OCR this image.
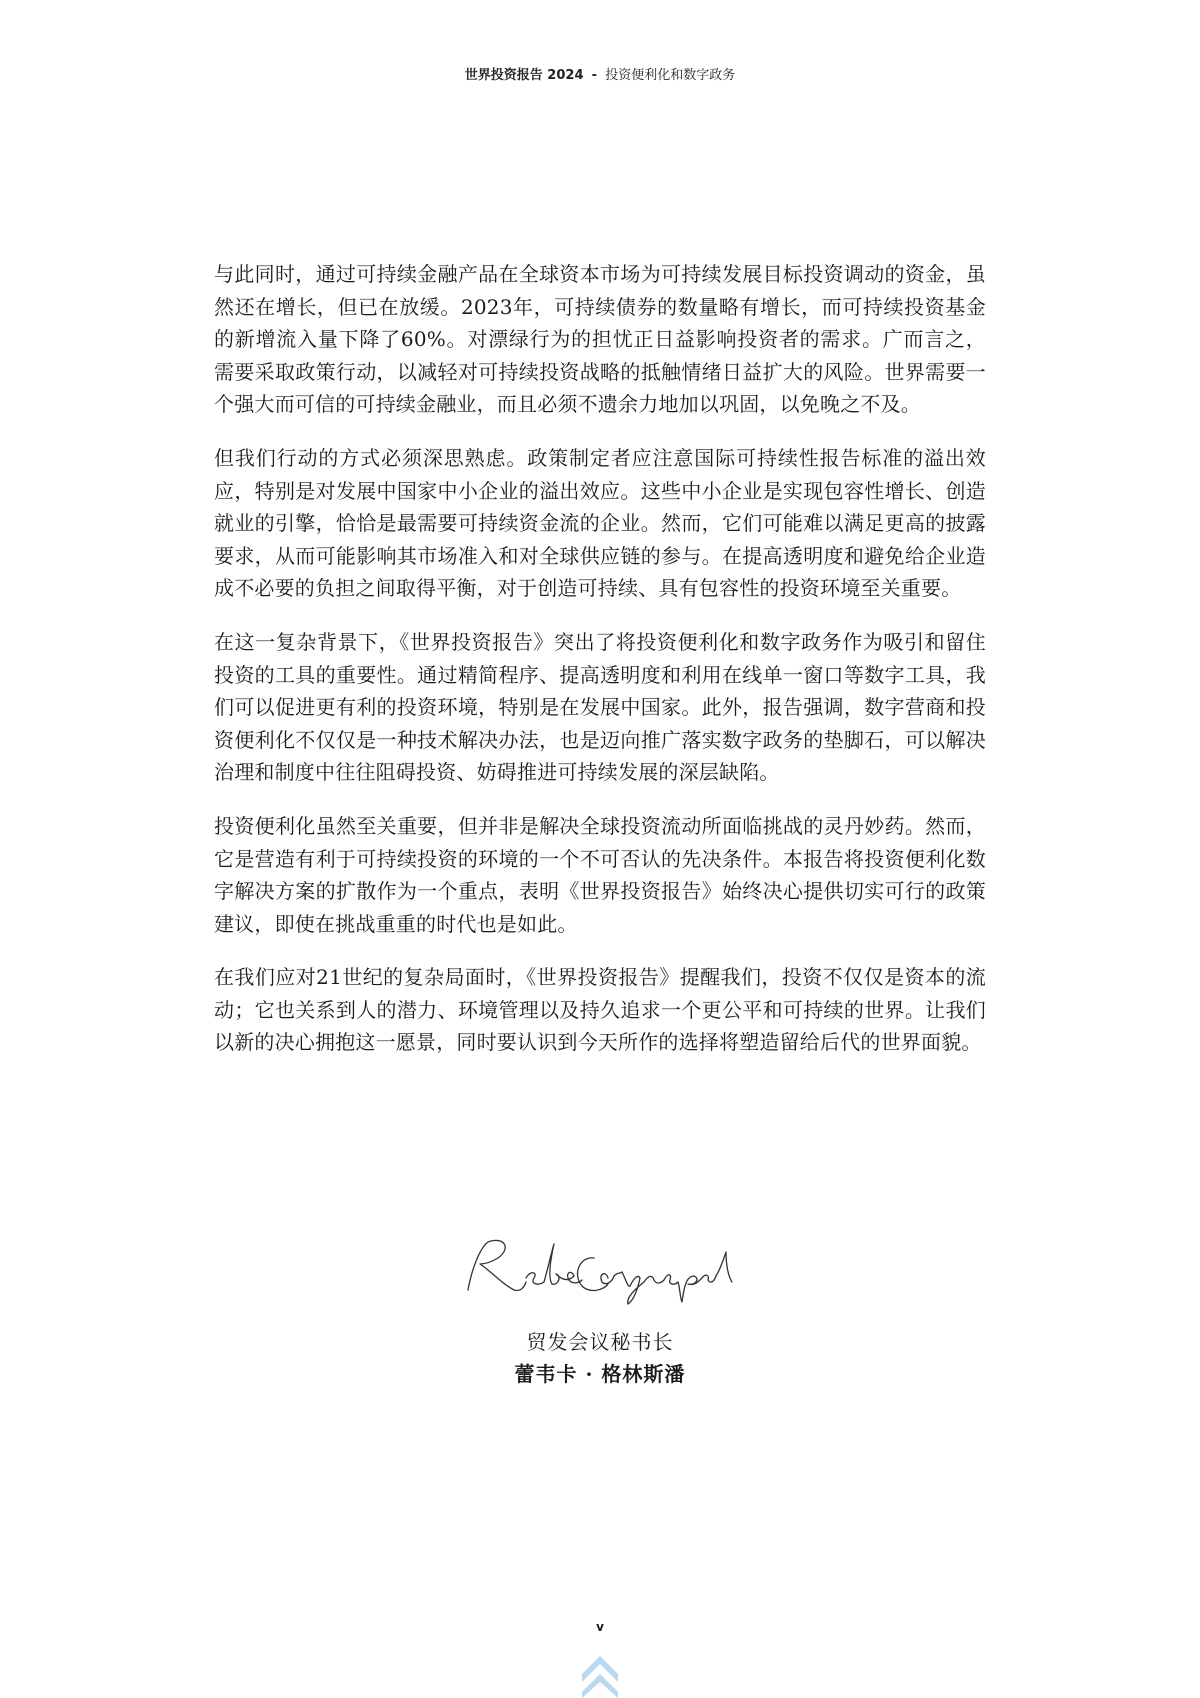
世界投资报告 2024 - 投资便利化和数字政务

与此同时，通过可持续金融产品在全球资本市场为可持续发展目标投资调动的资金，虽然还在增长，但已在放缓。2023年，可持续债券的数量略有增长，而可持续投资基金的新增流入量下降了60%。对漂绿行为的担忧正日益影响投资者的需求。广而言之，需要采取政策行动，以减轻对可持续投资战略的抵触情绪日益扩大的风险。世界需要一个强大而可信的可持续金融业，而且必须不遗余力地加以巩固，以免晚之不及。

但我们行动的方式必须深思熟虑。政策制定者应注意国际可持续性报告标准的溢出效应，特别是对发展中国家中小企业的溢出效应。这些中小企业是实现包容性增长、创造就业的引擎，恰恰是最需要可持续资金流的企业。然而，它们可能难以满足更高的披露要求，从而可能影响其市场准入和对全球供应链的参与。在提高透明度和避免给企业造成不必要的负担之间取得平衡，对于创造可持续、具有包容性的投资环境至关重要。

在这一复杂背景下，《世界投资报告》突出了将投资便利化和数字政务作为吸引和留住投资的工具的重要性。通过精简程序、提高透明度和利用在线单一窗口等数字工具，我们可以促进更有利的投资环境，特别是在发展中国家。此外，报告强调，数字营商和投资便利化不仅仅是一种技术解决办法，也是迈向推广落实数字政务的垫脚石，可以解决治理和制度中往往阻碍投资、妨碍推进可持续发展的深层缺陷。

投资便利化虽然至关重要，但并非是解决全球投资流动所面临挑战的灵丹妙药。然而，它是营造有利于可持续投资的环境的一个不可否认的先决条件。本报告将投资便利化数字解决方案的扩散作为一个重点，表明《世界投资报告》始终决心提供切实可行的政策建议，即使在挑战重重的时代也是如此。

在我们应对21世纪的复杂局面时，《世界投资报告》提醒我们，投资不仅仅是资本的流动；它也关系到人的潜力、环境管理以及持久追求一个更公平和可持续的世界。让我们以新的决心拥抱这一愿景，同时要认识到今天所作的选择将塑造留给后代的世界面貌。

贸发会议秘书长
蕾韦卡 · 格林斯潘
v
